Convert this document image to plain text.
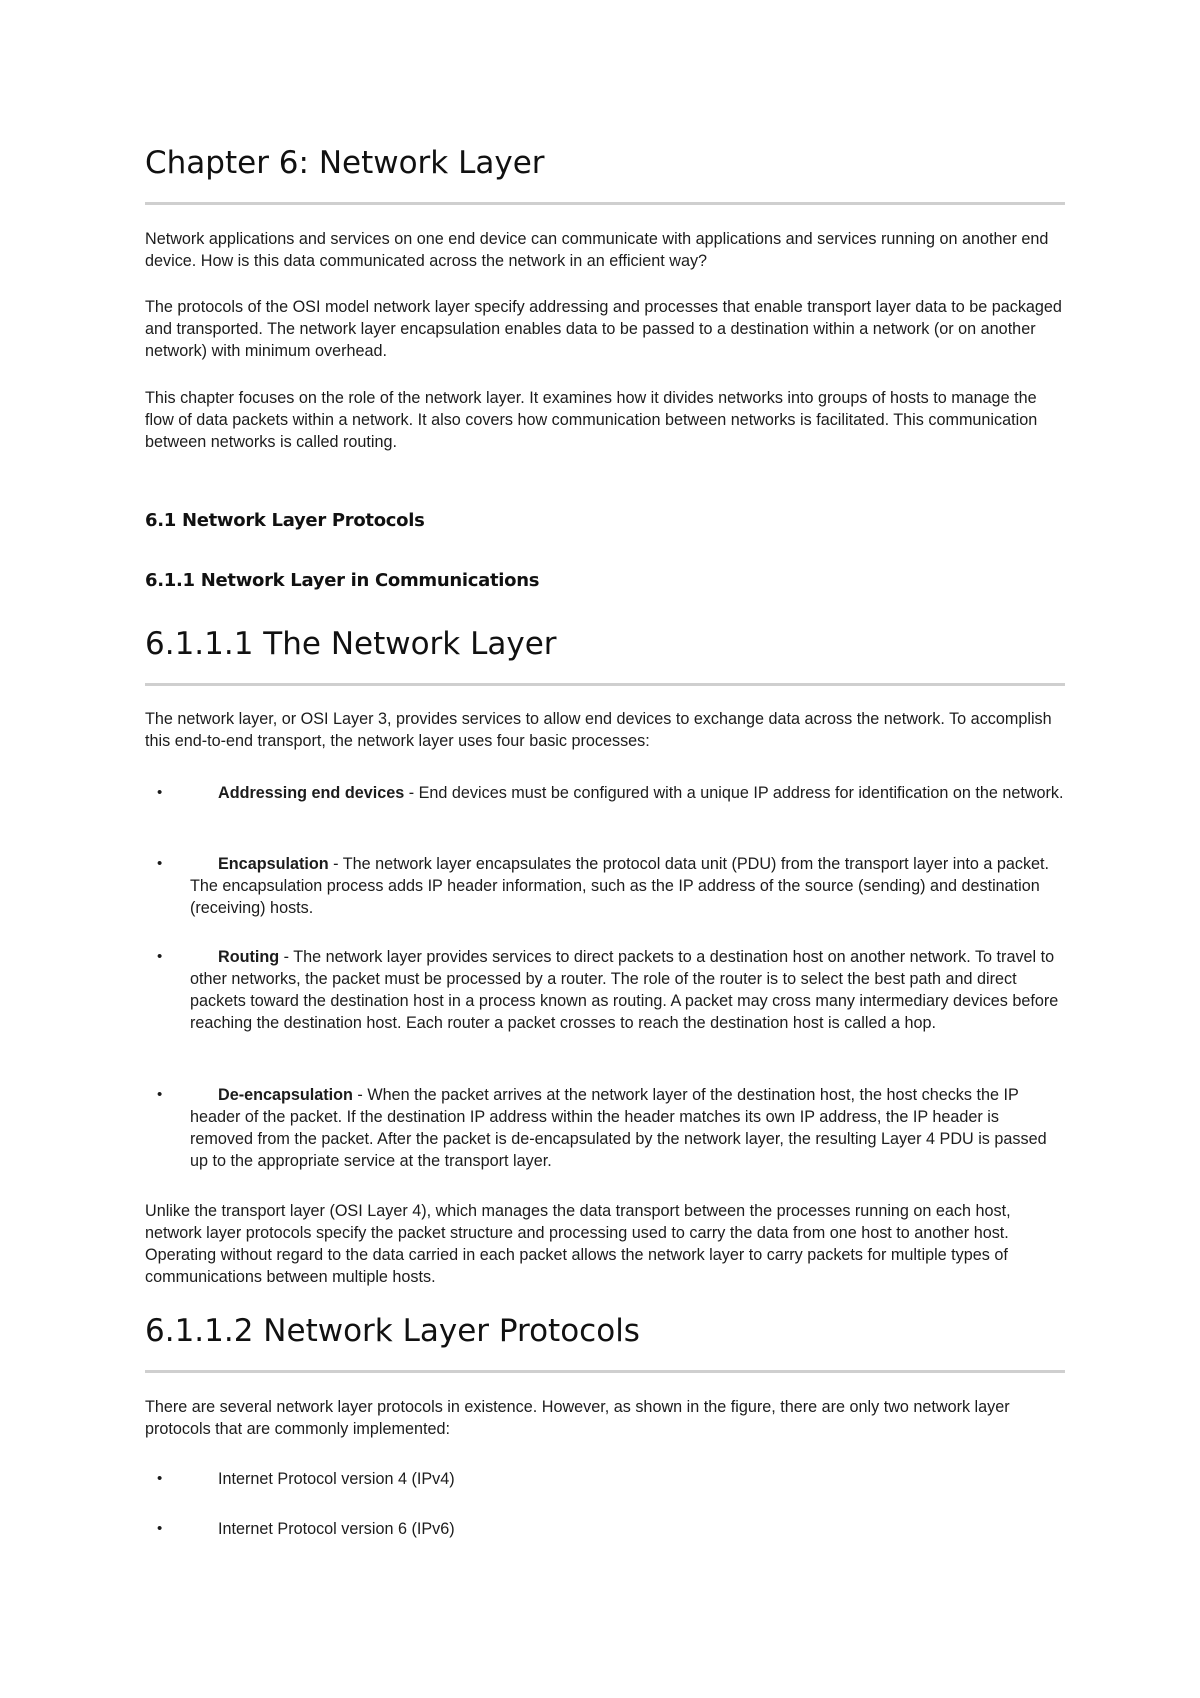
Chapter 6: Network Layer

Network applications and services on one end device can communicate with applications and services running on another end device. How is this data communicated across the network in an efficient way?

The protocols of the OSI model network layer specify addressing and processes that enable transport layer data to be packaged and transported. The network layer encapsulation enables data to be passed to a destination within a network (or on another network) with minimum overhead.

This chapter focuses on the role of the network layer. It examines how it divides networks into groups of hosts to manage the flow of data packets within a network. It also covers how communication between networks is facilitated. This communication between networks is called routing.

6.1 Network Layer Protocols
6.1.1 Network Layer in Communications
6.1.1.1 The Network Layer

The network layer, or OSI Layer 3, provides services to allow end devices to exchange data across the network. To accomplish this end-to-end transport, the network layer uses four basic processes:

•	Addressing end devices - End devices must be configured with a unique IP address for identification on the network.
•	Encapsulation - The network layer encapsulates the protocol data unit (PDU) from the transport layer into a packet. The encapsulation process adds IP header information, such as the IP address of the source (sending) and destination (receiving) hosts.
•	Routing - The network layer provides services to direct packets to a destination host on another network. To travel to other networks, the packet must be processed by a router. The role of the router is to select the best path and direct packets toward the destination host in a process known as routing. A packet may cross many intermediary devices before reaching the destination host. Each router a packet crosses to reach the destination host is called a hop.
•	De-encapsulation - When the packet arrives at the network layer of the destination host, the host checks the IP header of the packet. If the destination IP address within the header matches its own IP address, the IP header is removed from the packet. After the packet is de-encapsulated by the network layer, the resulting Layer 4 PDU is passed up to the appropriate service at the transport layer.

Unlike the transport layer (OSI Layer 4), which manages the data transport between the processes running on each host, network layer protocols specify the packet structure and processing used to carry the data from one host to another host. Operating without regard to the data carried in each packet allows the network layer to carry packets for multiple types of communications between multiple hosts.

6.1.1.2 Network Layer Protocols

There are several network layer protocols in existence. However, as shown in the figure, there are only two network layer protocols that are commonly implemented:

•	Internet Protocol version 4 (IPv4)
•	Internet Protocol version 6 (IPv6)
